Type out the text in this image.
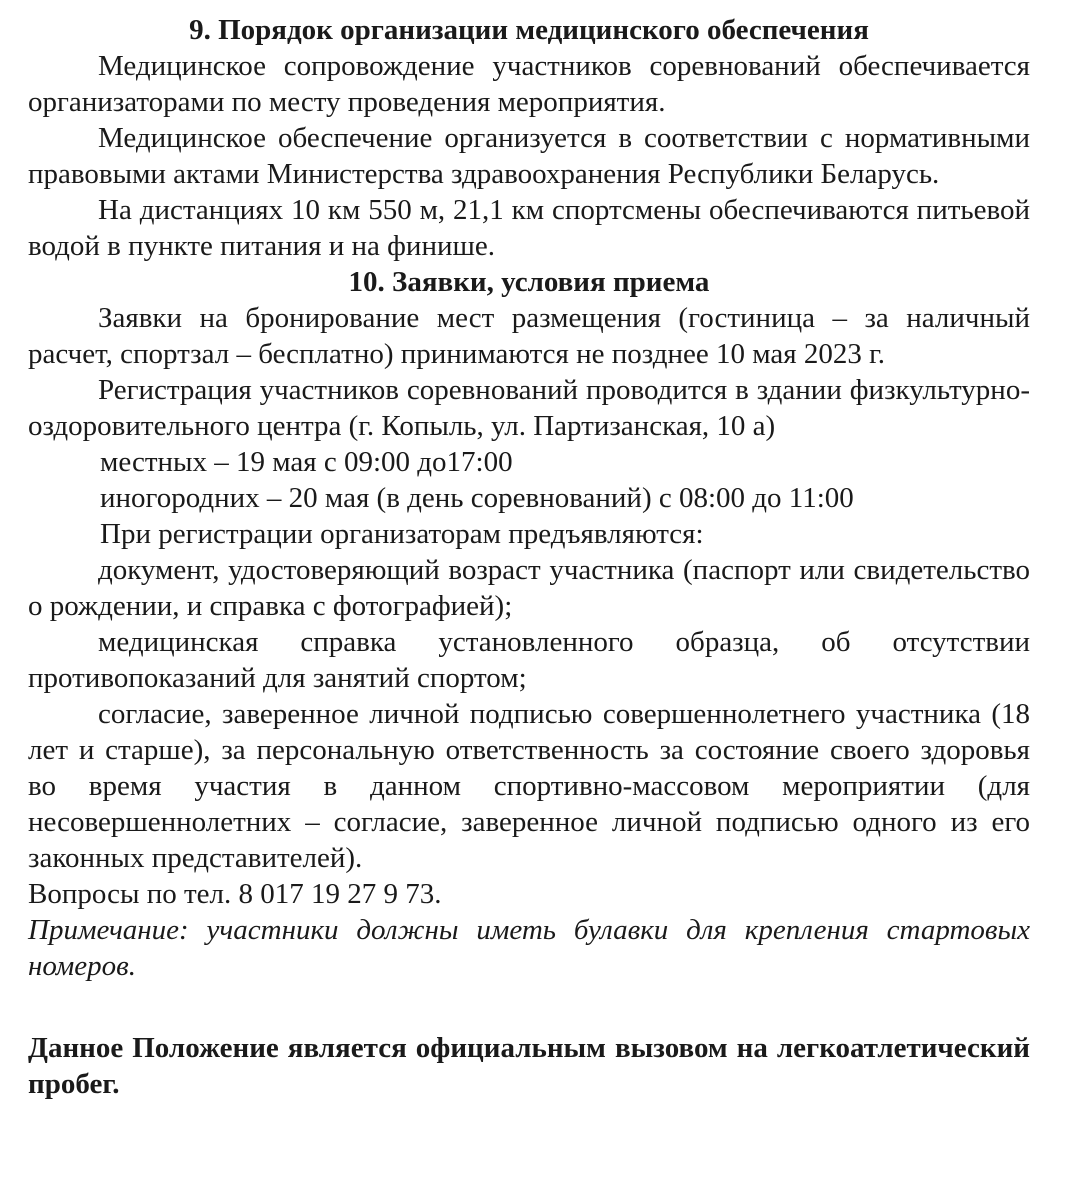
9. Порядок организации медицинского обеспечения

Медицинское сопровождение участников соревнований обеспечивается организаторами по месту проведения мероприятия.

Медицинское обеспечение организуется в соответствии с нормативными правовыми актами Министерства здравоохранения Республики Беларусь.

На дистанциях 10 км 550 м, 21,1 км спортсмены обеспечиваются питьевой водой в пункте питания и на финише.

10. Заявки, условия приема

Заявки на бронирование мест размещения (гостиница – за наличный расчет, спортзал – бесплатно) принимаются не позднее 10 мая 2023 г.

Регистрация участников соревнований проводится в здании физкультурно-оздоровительного центра (г. Копыль, ул. Партизанская, 10 а)

местных – 19 мая с 09:00 до17:00

иногородних – 20 мая (в день соревнований) с 08:00 до 11:00

При регистрации организаторам предъявляются:

документ, удостоверяющий возраст участника (паспорт или свидетельство о рождении, и справка с фотографией);

медицинская справка установленного образца, об отсутствии противопоказаний для занятий спортом;

согласие, заверенное личной подписью совершеннолетнего участника (18 лет и старше), за персональную ответственность за состояние своего здоровья во время участия в данном спортивно-массовом мероприятии (для несовершеннолетних – согласие, заверенное личной подписью одного из его законных представителей).

Вопросы по тел. 8 017 19 27 9 73.

Примечание: участники должны иметь булавки для крепления стартовых номеров.

Данное Положение является официальным вызовом на легкоатлетический пробег.
